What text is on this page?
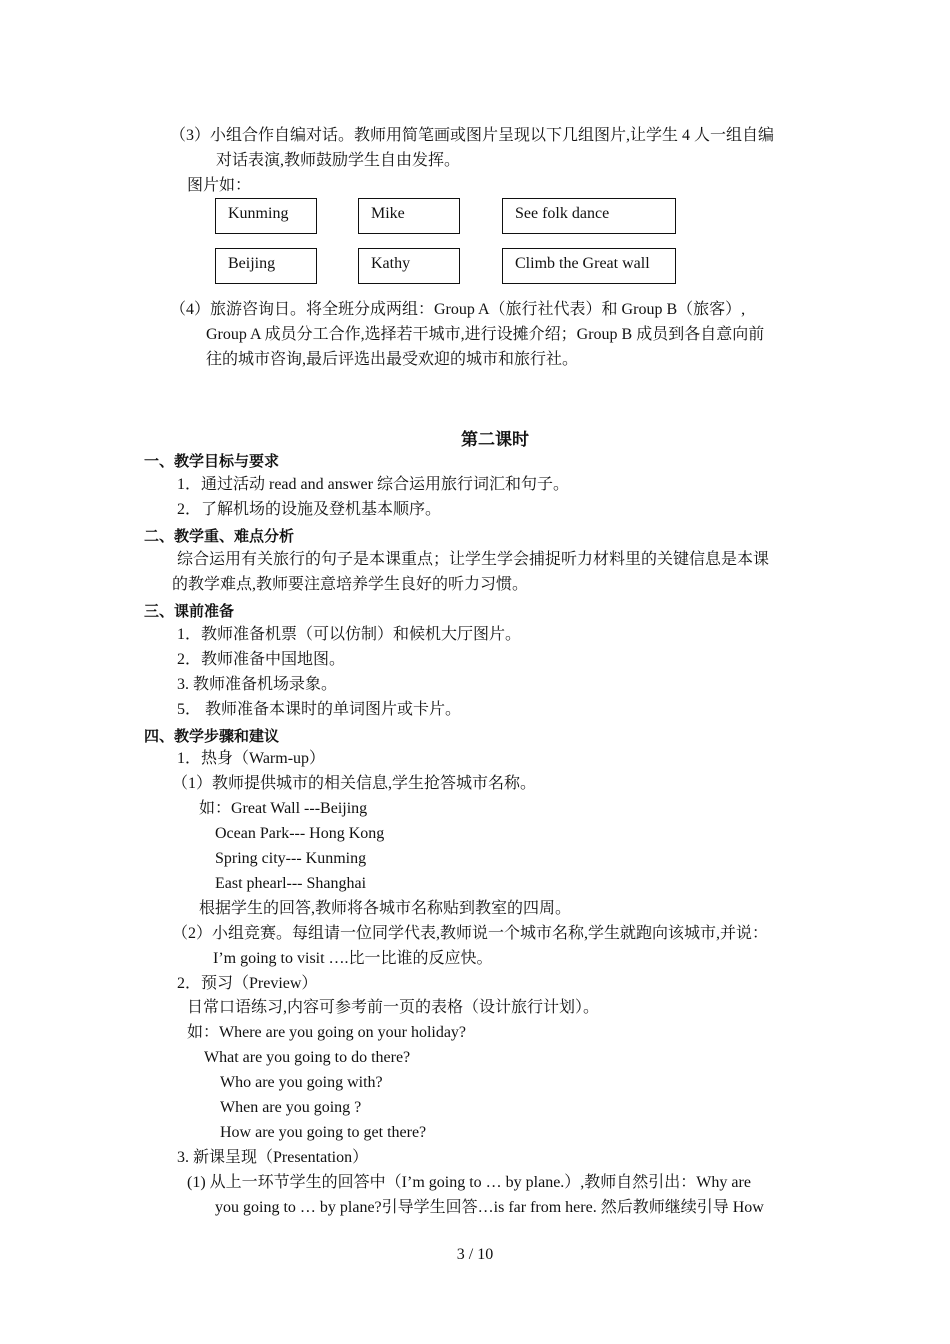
（3）小组合作自编对话。教师用简笔画或图片呈现以下几组图片,让学生 4 人一组自编
对话表演,教师鼓励学生自由发挥。
图片如：
Kunming	Mike	See folk dance
Beijing	Kathy	Climb the Great wall
（4）旅游咨询日。将全班分成两组：Group A（旅行社代表）和 Group B（旅客）,
Group A 成员分工合作,选择若干城市,进行设摊介绍；Group B 成员到各自意向前
往的城市咨询,最后评选出最受欢迎的城市和旅行社。
第二课时
一、教学目标与要求
1．通过活动 read and answer 综合运用旅行词汇和句子。
2．了解机场的设施及登机基本顺序。
二、教学重、难点分析
综合运用有关旅行的句子是本课重点；让学生学会捕捉听力材料里的关键信息是本课
的教学难点,教师要注意培养学生良好的听力习惯。
三、课前准备
1．教师准备机票（可以仿制）和候机大厅图片。
2．教师准备中国地图。
3. 教师准备机场录象。
5． 教师准备本课时的单词图片或卡片。
四、教学步骤和建议
1．热身（Warm-up）
（1）教师提供城市的相关信息,学生抢答城市名称。
如：Great Wall ---Beijing
Ocean Park--- Hong Kong
Spring city--- Kunming
East phearl--- Shanghai
根据学生的回答,教师将各城市名称贴到教室的四周。
（2）小组竞赛。每组请一位同学代表,教师说一个城市名称,学生就跑向该城市,并说：
I’m going to visit ….比一比谁的反应快。
2．预习（Preview）
日常口语练习,内容可参考前一页的表格（设计旅行计划）。
如：Where are you going on your holiday?
What are you going to do there?
Who are you going with?
When are you going ?
How are you going to get there?
3. 新课呈现（Presentation）
(1) 从上一环节学生的回答中（I’m going to … by plane.）,教师自然引出：Why are
you going to … by plane?引导学生回答…is far from here. 然后教师继续引导 How
3 / 10
